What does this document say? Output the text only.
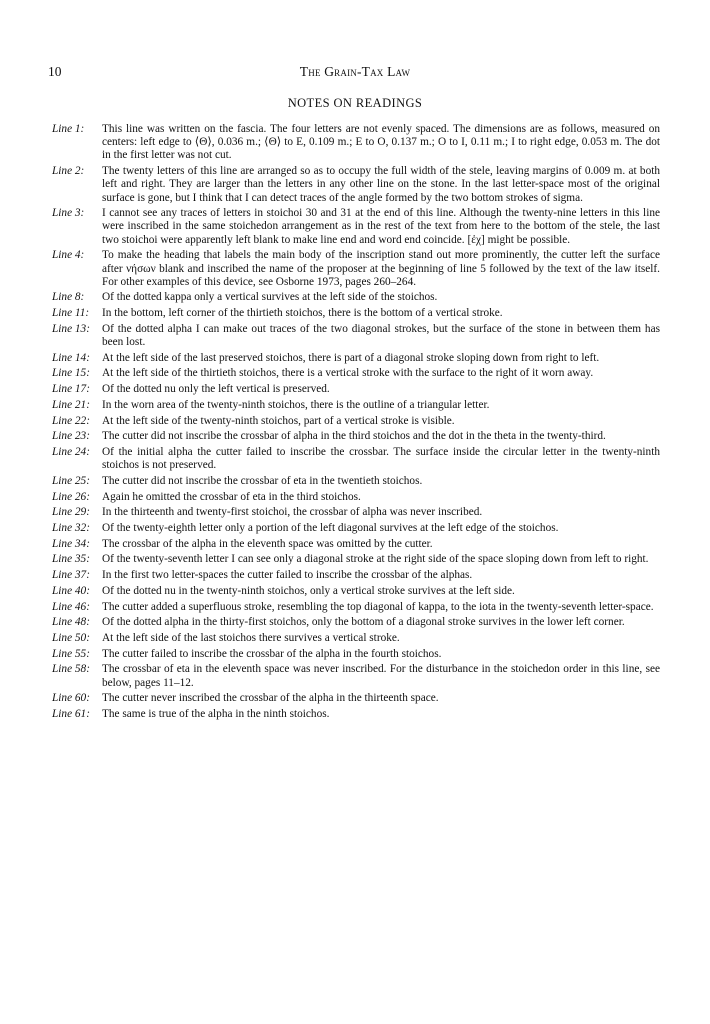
10	The Grain-Tax Law
NOTES ON READINGS
Line 1:	This line was written on the fascia. The four letters are not evenly spaced. The dimensions are as follows, measured on centers: left edge to ⟨Θ⟩, 0.036 m.; ⟨Θ⟩ to E, 0.109 m.; E to O, 0.137 m.; O to I, 0.11 m.; I to right edge, 0.053 m. The dot in the first letter was not cut.
Line 2:	The twenty letters of this line are arranged so as to occupy the full width of the stele, leaving margins of 0.009 m. at both left and right. They are larger than the letters in any other line on the stone. In the last letter-space most of the original surface is gone, but I think that I can detect traces of the angle formed by the two bottom strokes of sigma.
Line 3:	I cannot see any traces of letters in stoichoi 30 and 31 at the end of this line. Although the twenty-nine letters in this line were inscribed in the same stoichedon arrangement as in the rest of the text from here to the bottom of the stele, the last two stoichoi were apparently left blank to make line end and word end coincide. [ἐχ] might be possible.
Line 4:	To make the heading that labels the main body of the inscription stand out more prominently, the cutter left the surface after νήσων blank and inscribed the name of the proposer at the beginning of line 5 followed by the text of the law itself. For other examples of this device, see Osborne 1973, pages 260–264.
Line 8:	Of the dotted kappa only a vertical survives at the left side of the stoichos.
Line 11:	In the bottom, left corner of the thirtieth stoichos, there is the bottom of a vertical stroke.
Line 13:	Of the dotted alpha I can make out traces of the two diagonal strokes, but the surface of the stone in between them has been lost.
Line 14:	At the left side of the last preserved stoichos, there is part of a diagonal stroke sloping down from right to left.
Line 15:	At the left side of the thirtieth stoichos, there is a vertical stroke with the surface to the right of it worn away.
Line 17:	Of the dotted nu only the left vertical is preserved.
Line 21:	In the worn area of the twenty-ninth stoichos, there is the outline of a triangular letter.
Line 22:	At the left side of the twenty-ninth stoichos, part of a vertical stroke is visible.
Line 23:	The cutter did not inscribe the crossbar of alpha in the third stoichos and the dot in the theta in the twenty-third.
Line 24:	Of the initial alpha the cutter failed to inscribe the crossbar. The surface inside the circular letter in the twenty-ninth stoichos is not preserved.
Line 25:	The cutter did not inscribe the crossbar of eta in the twentieth stoichos.
Line 26:	Again he omitted the crossbar of eta in the third stoichos.
Line 29:	In the thirteenth and twenty-first stoichoi, the crossbar of alpha was never inscribed.
Line 32:	Of the twenty-eighth letter only a portion of the left diagonal survives at the left edge of the stoichos.
Line 34:	The crossbar of the alpha in the eleventh space was omitted by the cutter.
Line 35:	Of the twenty-seventh letter I can see only a diagonal stroke at the right side of the space sloping down from left to right.
Line 37:	In the first two letter-spaces the cutter failed to inscribe the crossbar of the alphas.
Line 40:	Of the dotted nu in the twenty-ninth stoichos, only a vertical stroke survives at the left side.
Line 46:	The cutter added a superfluous stroke, resembling the top diagonal of kappa, to the iota in the twenty-seventh letter-space.
Line 48:	Of the dotted alpha in the thirty-first stoichos, only the bottom of a diagonal stroke survives in the lower left corner.
Line 50:	At the left side of the last stoichos there survives a vertical stroke.
Line 55:	The cutter failed to inscribe the crossbar of the alpha in the fourth stoichos.
Line 58:	The crossbar of eta in the eleventh space was never inscribed. For the disturbance in the stoichedon order in this line, see below, pages 11–12.
Line 60:	The cutter never inscribed the crossbar of the alpha in the thirteenth space.
Line 61:	The same is true of the alpha in the ninth stoichos.
